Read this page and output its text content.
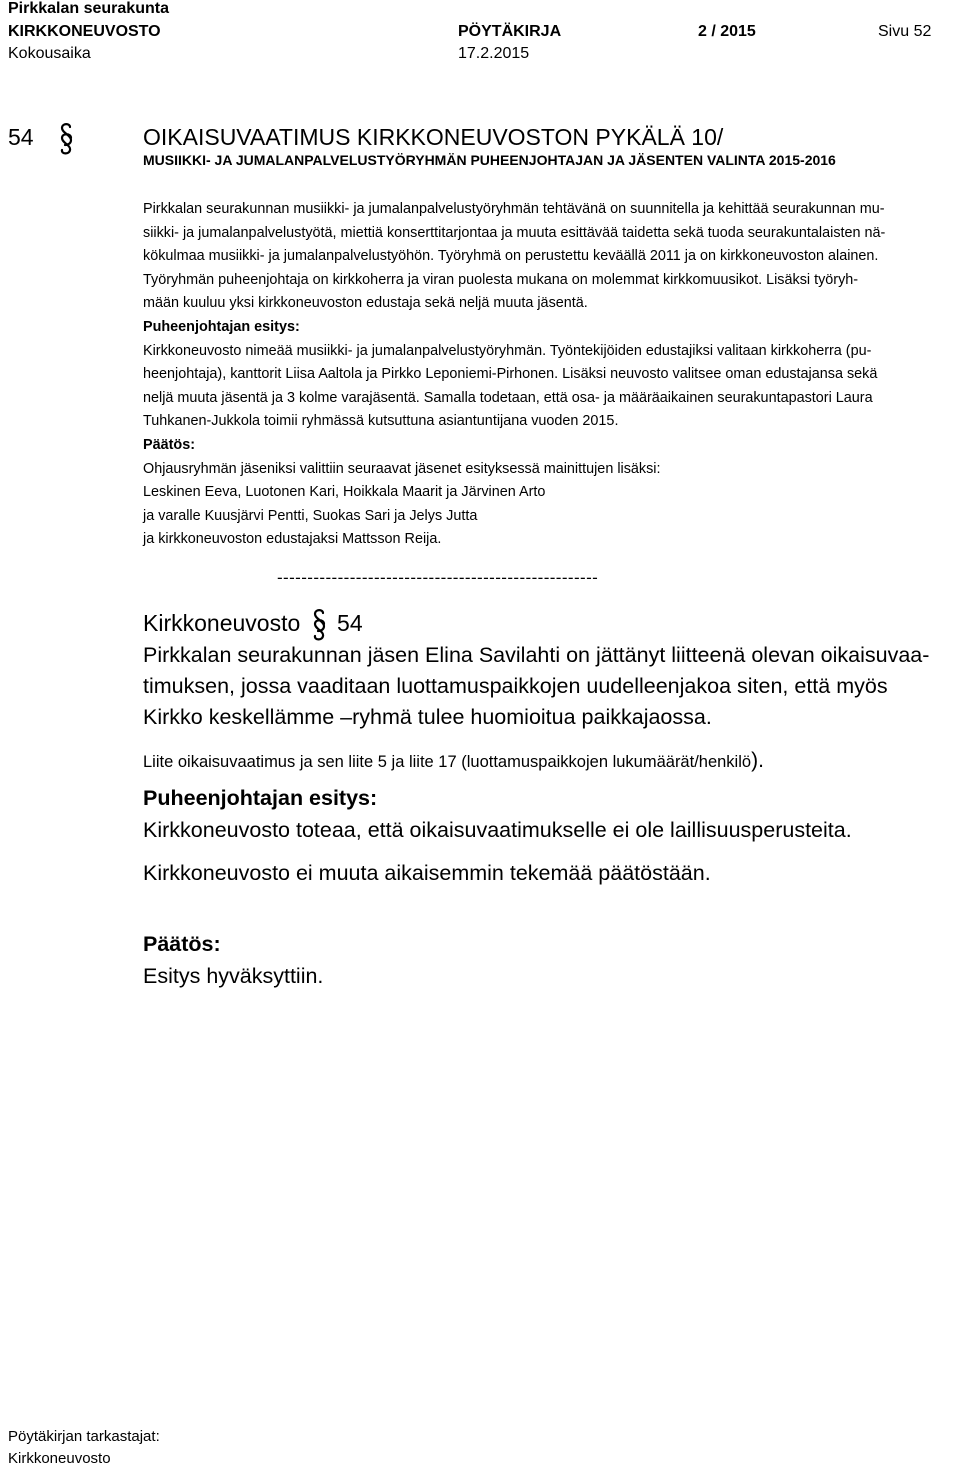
Pirkkalan seurakunta
KIRKKONEUVOSTO	PÖYTÄKIRJA	2 / 2015	Sivu 52
Kokousaika	17.2.2015
54	OIKAISUVAATIMUS KIRKKONEUVOSTON PYKÄLÄ 10/
MUSIIKKI- JA JUMALANPALVELUSTYÖRYHMÄN PUHEENJOHTAJAN JA JÄSENTEN VALINTA 2015-2016
Pirkkalan seurakunnan musiikki- ja jumalanpalvelustyöryhmän tehtävänä on suunnitella ja kehittää seurakunnan mu-
siikki- ja jumalanpalvelustyötä, miettiä konserttitarjontaa ja muuta esittävää taidetta sekä tuoda seurakuntalaisten nä-
kökulmaa musiikki- ja jumalanpalvelustyöhön. Työryhmä on perustettu keväällä 2011 ja on kirkkoneuvoston alainen.
Työryhmän puheenjohtaja on kirkkoherra ja viran puolesta mukana on molemmat kirkkomuusikot. Lisäksi työryh-
mään kuuluu yksi kirkkoneuvoston edustaja sekä neljä muuta jäsentä.
Puheenjohtajan esitys:
Kirkkoneuvosto nimeää musiikki- ja jumalanpalvelustyöryhmän. Työntekijöiden edustajiksi valitaan kirkkoherra (pu-
heenjohtaja), kanttorit Liisa Aaltola ja Pirkko Leponiemi-Pirhonen. Lisäksi neuvosto valitsee oman edustajansa sekä
neljä muuta jäsentä ja 3 kolme varajäsentä. Samalla todetaan, että osa- ja määräaikainen seurakuntapastori Laura
Tuhkanen-Jukkola toimii ryhmässä kutsuttuna asiantuntijana vuoden 2015.
Päätös:
Ohjausryhmän jäseniksi valittiin seuraavat jäsenet esityksessä mainittujen lisäksi:
Leskinen Eeva, Luotonen Kari, Hoikkala Maarit ja Järvinen Arto
ja varalle Kuusjärvi Pentti, Suokas Sari ja Jelys Jutta
ja kirkkoneuvoston edustajaksi Mattsson Reija.
-----------------------------------------------------
Kirkkoneuvosto 54
Pirkkalan seurakunnan jäsen Elina Savilahti on jättänyt liitteenä olevan oikaisuvaa-
timuksen, jossa vaaditaan luottamuspaikkojen uudelleenjakoa siten, että myös
Kirkko keskellämme –ryhmä tulee huomioitua paikkajaossa.
Liite oikaisuvaatimus ja sen liite 5 ja liite 17 (luottamuspaikkojen lukumäärät/henkilö).
Puheenjohtajan esitys:
Kirkkoneuvosto toteaa, että oikaisuvaatimukselle ei ole laillisuusperusteita.
Kirkkoneuvosto ei muuta aikaisemmin tekemää päätöstään.
Päätös:
Esitys hyväksyttiin.
Pöytäkirjan tarkastajat:
Kirkkoneuvosto
